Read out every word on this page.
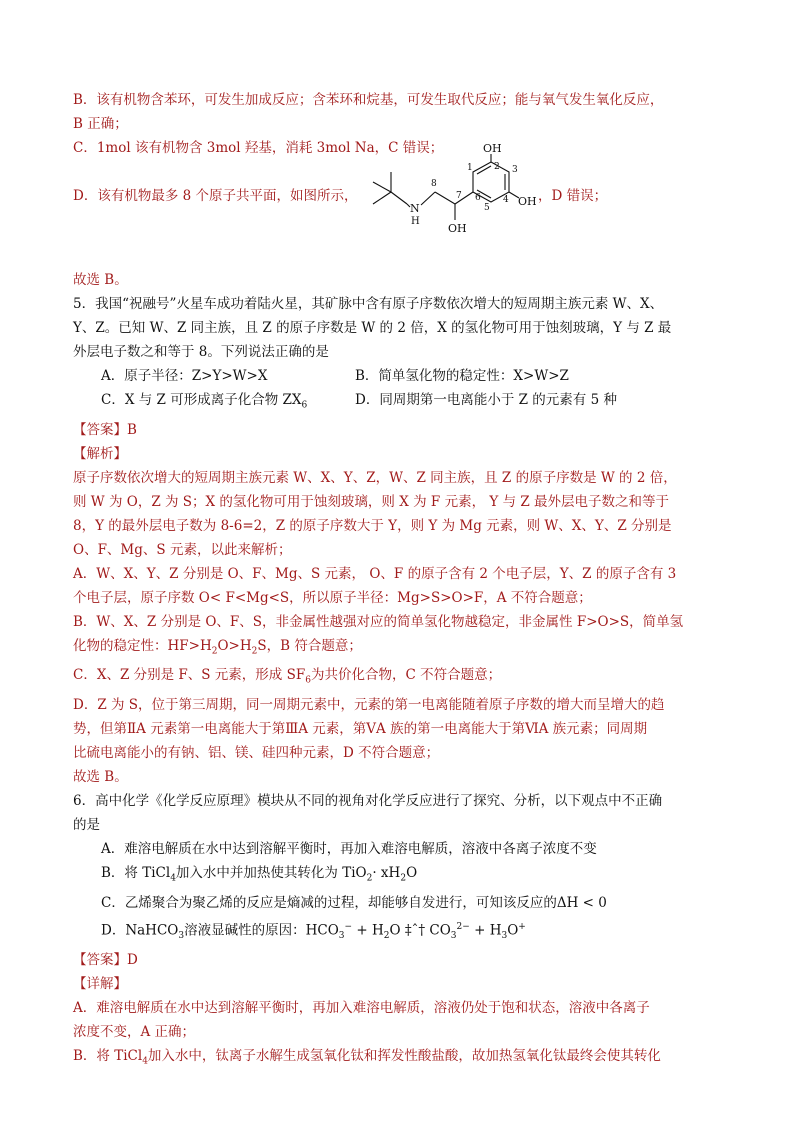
B．该有机物含苯环，可发生加成反应；含苯环和烷基，可发生取代反应；能与氧气发生氧化反应，
B 正确；
C．1mol 该有机物含 3mol 羟基，消耗 3mol Na，C 错误；
D．该有机物最多 8 个原子共平面，如图所示，
OH
OH
OH
N
H
1 2 3
4
5
6
7
8
，D 错误；
故选 B。
5．我国“祝融号”火星车成功着陆火星，其矿脉中含有原子序数依次增大的短周期主族元素 W、X、
Y、Z。已知 W、Z 同主族，且 Z 的原子序数是 W 的 2 倍，X 的氢化物可用于蚀刻玻璃，Y 与 Z 最
外层电子数之和等于 8。下列说法正确的是
A．原子半径：Z>Y>W>X	B．简单氢化物的稳定性：X>W>Z
C．X 与 Z 可形成离子化合物 $ZX_6$	D．同周期第一电离能小于 Z 的元素有 5 种
【答案】B
【解析】
原子序数依次增大的短周期主族元素 W、X、Y、Z，W、Z 同主族，且 Z 的原子序数是 W 的 2 倍，
则 W 为 O，Z 为 S；X 的氢化物可用于蚀刻玻璃，则 X 为 F 元素， Y 与 Z 最外层电子数之和等于
8，Y 的最外层电子数为 8-6=2，Z 的原子序数大于 Y，则 Y 为 Mg 元素，则 W、X、Y、Z 分别是
O、F、Mg、S 元素，以此来解析；
A．W、X、Y、Z 分别是 O、F、Mg、S 元素， O、F 的原子含有 2 个电子层，Y、Z 的原子含有 3
个电子层，原子序数 O< F<Mg<S，所以原子半径：Mg>S>O>F，A 不符合题意；
B．W、X、Z 分别是 O、F、S，非金属性越强对应的简单氢化物越稳定，非金属性 F>O>S，简单氢
化物的稳定性：$HF>H_2O>H_2S$，B 符合题意；
C．X、Z 分别是 F、S 元素，形成 $SF_6$为共价化合物，C 不符合题意；
D．Z 为 S，位于第三周期，同一周期元素中，元素的第一电离能随着原子序数的增大而呈增大的趋
势，但第ⅡA 元素第一电离能大于第ⅢA 元素，第ⅤA 族的第一电离能大于第ⅥA 族元素；同周期
比硫电离能小的有钠、铝、镁、硅四种元素，D 不符合题意；
故选 B。
6．高中化学《化学反应原理》模块从不同的视角对化学反应进行了探究、分析，以下观点中不正确
的是
A．难溶电解质在水中达到溶解平衡时，再加入难溶电解质，溶液中各离子浓度不变
B．将 TiCl$_4$加入水中并加热使其转化为 $TiO_2\cdot xH_2O$
C．乙烯聚合为聚乙烯的反应是熵减的过程，却能够自发进行，可知该反应的ΔH < 0
D．NaHCO$_3$溶液显碱性的原因：$HCO_3^- + H_2O$ ‡ˆ† $CO_3^{2-} + H_3O^+$
【答案】D
【详解】
A．难溶电解质在水中达到溶解平衡时，再加入难溶电解质，溶液仍处于饱和状态，溶液中各离子
浓度不变，A 正确；
B．将 TiCl$_4$加入水中，钛离子水解生成氢氧化钛和挥发性酸盐酸，故加热氢氧化钛最终会使其转化
